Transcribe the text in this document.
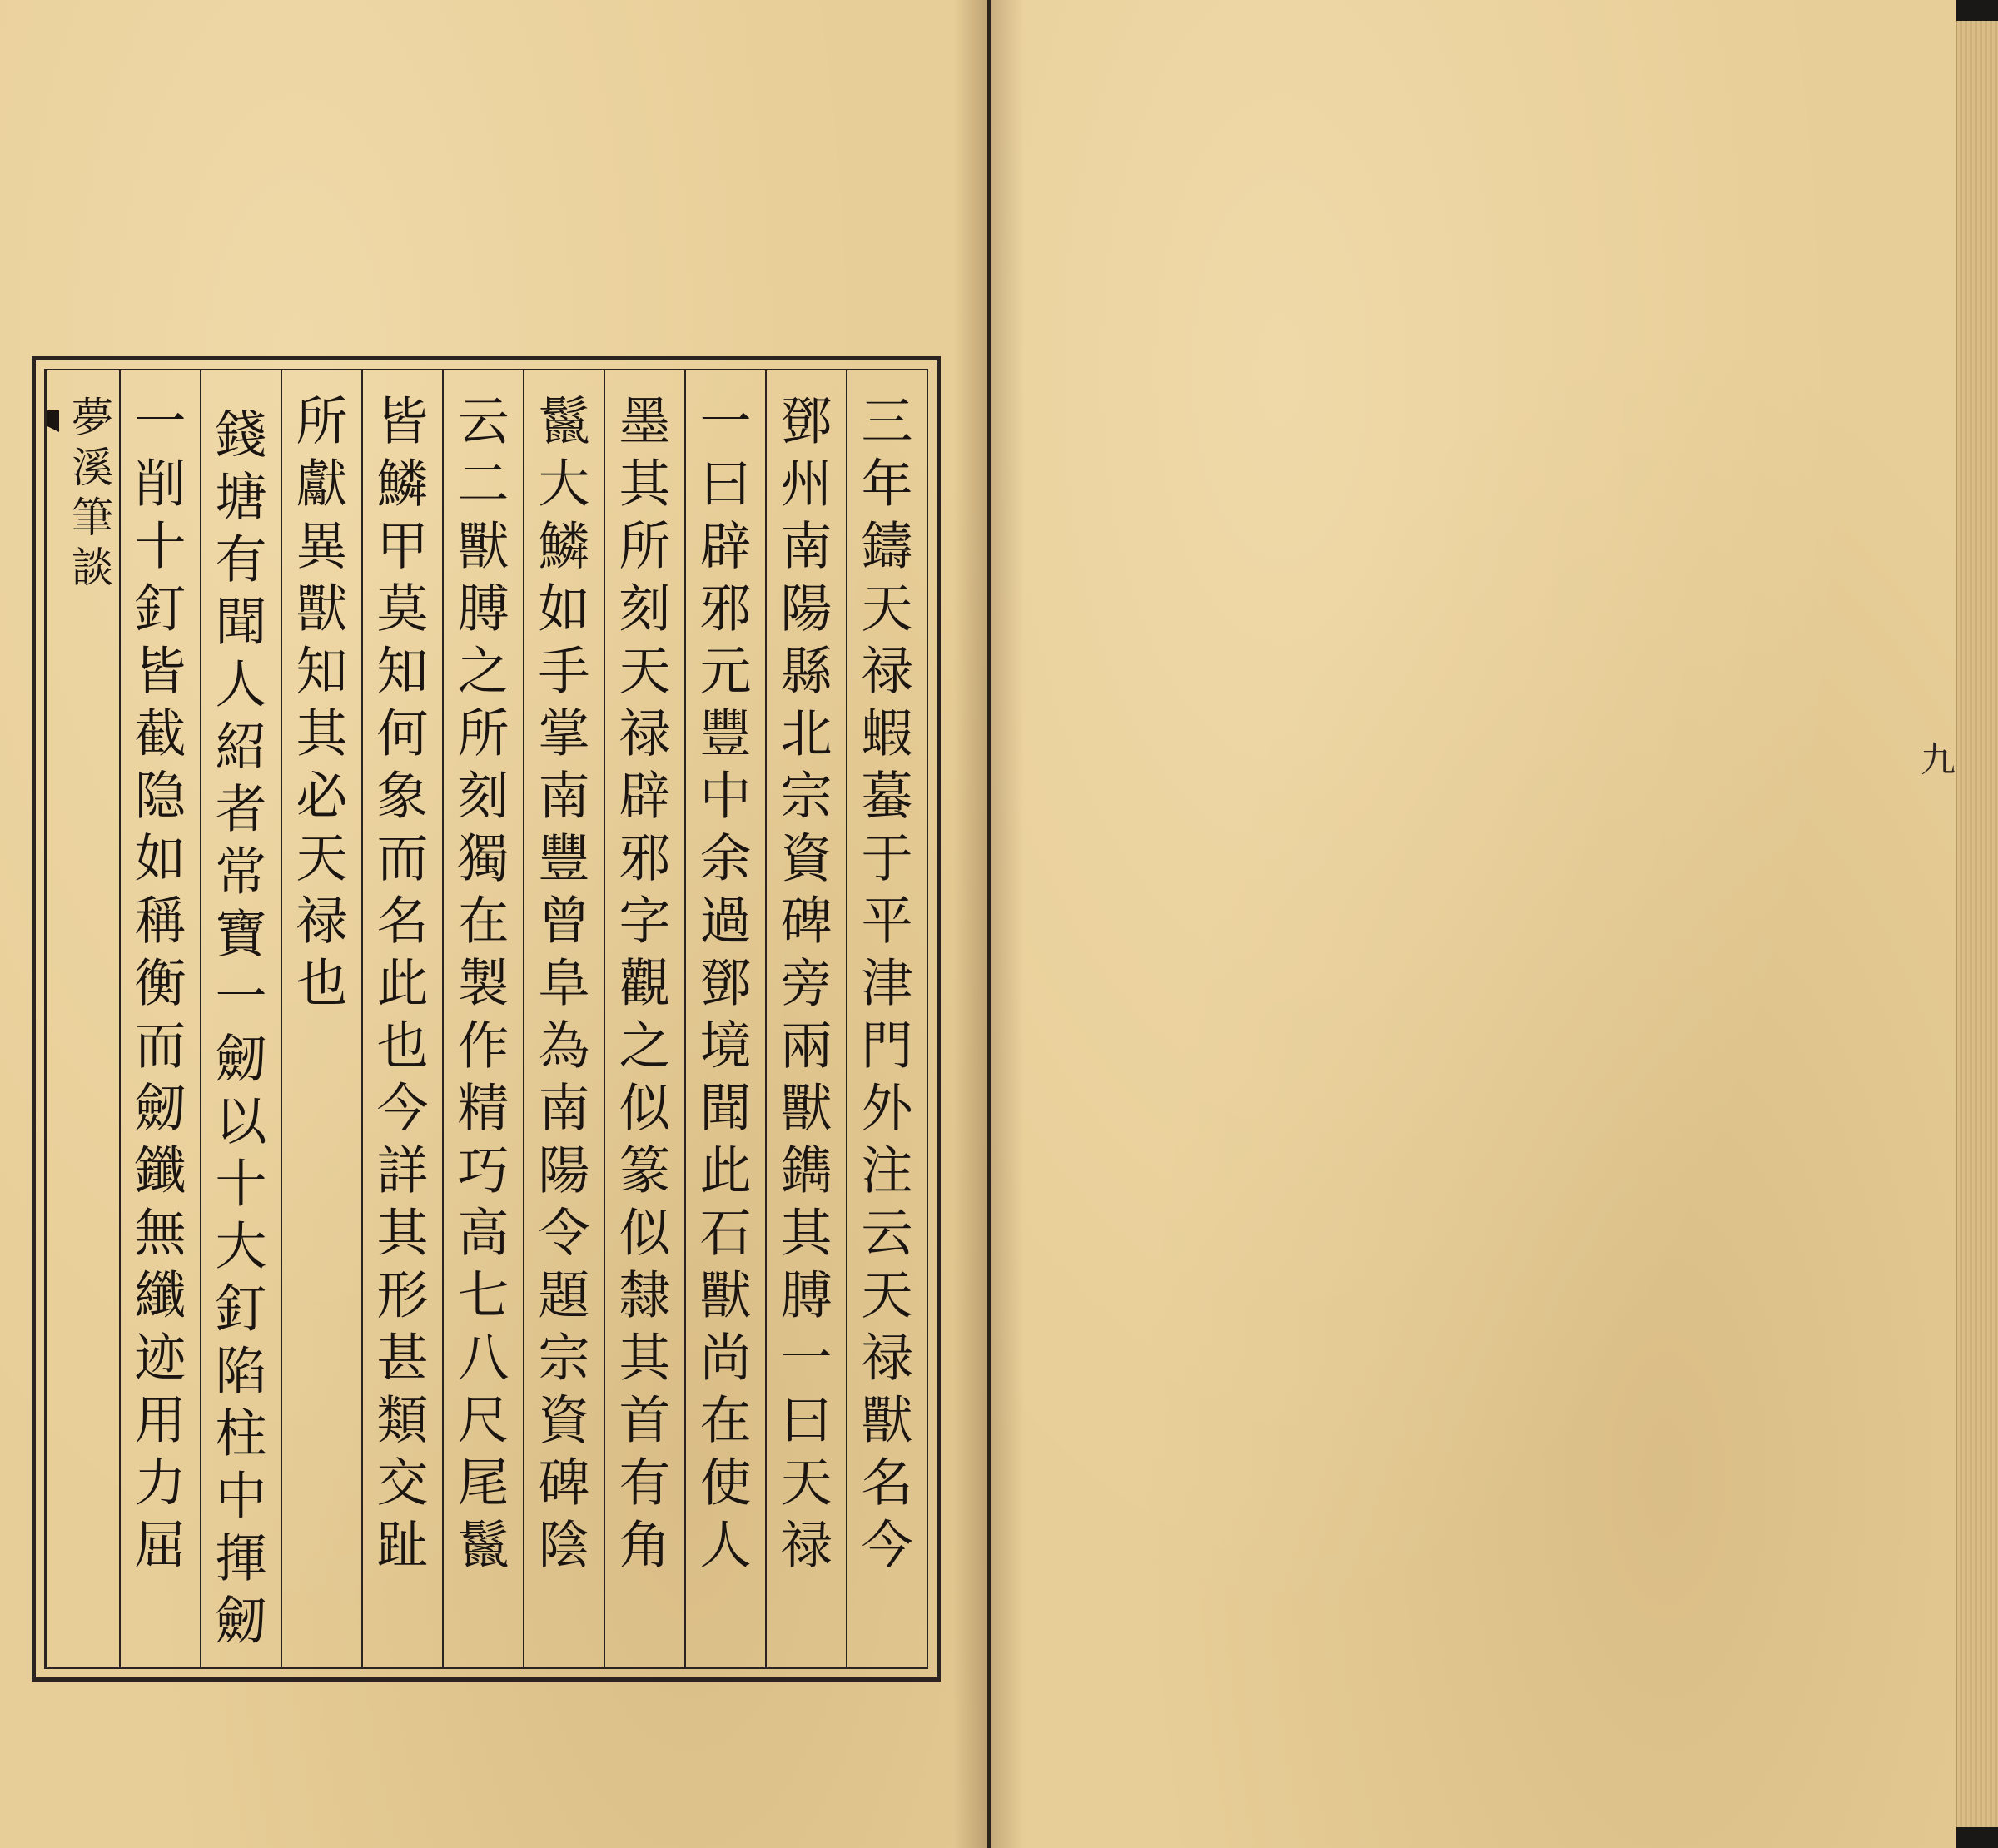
三年鑄天禄蝦蟇于平津門外注云天禄獸名今
鄧州南陽縣北宗資碑旁兩獸鐫其膊一曰天禄
一曰辟邪元豐中余過鄧境聞此石獸尚在使人
墨其所刻天禄辟邪字觀之似篆似隸其首有角
鬣大鱗如手掌南豐曾阜為南陽令題宗資碑陰
云二獸膊之所刻獨在製作精巧高七八尺尾鬣
皆鱗甲莫知何象而名此也今詳其形甚類交趾
所獻異獸知其必天禄也
錢塘有聞人紹者常寶一劒以十大釘陷柱中揮劒
一削十釘皆截隐如稱衡而劒鑯無纖迹用力屈
夢溪筆談
九
